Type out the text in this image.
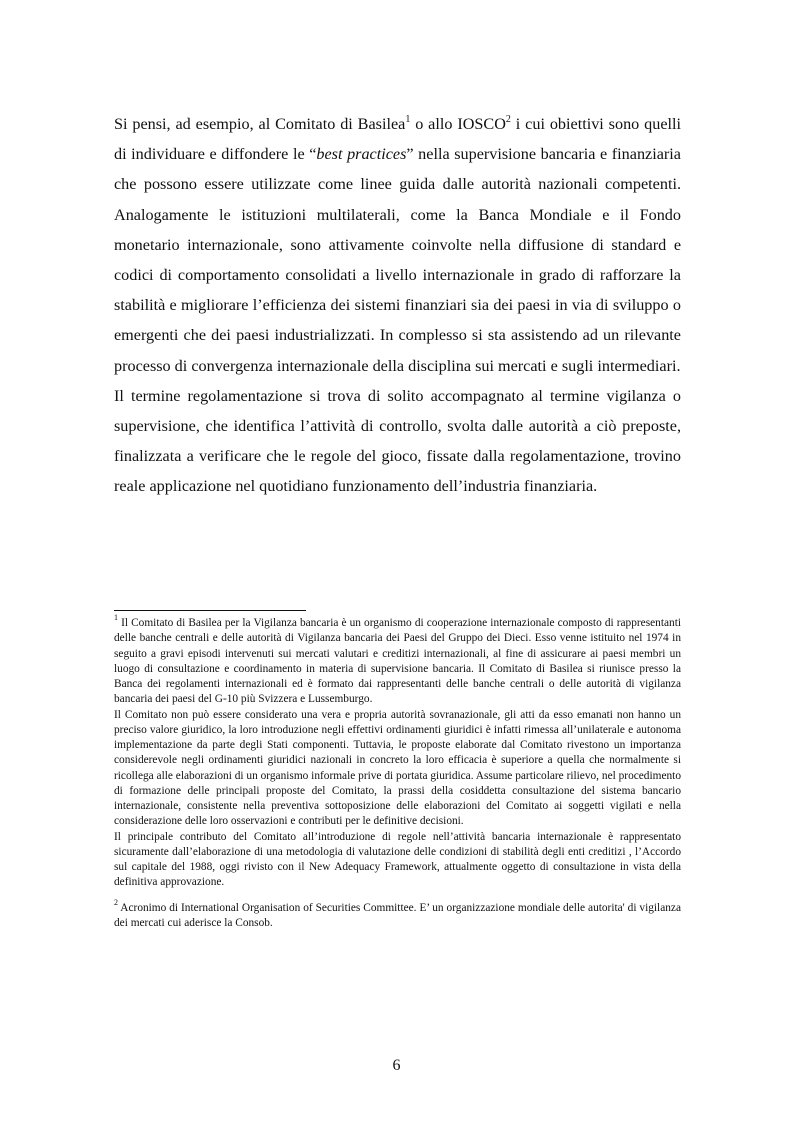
Si pensi, ad esempio, al Comitato di Basilea$^1$ o allo IOSCO$^2$ i cui obiettivi sono quelli di individuare e diffondere le “best practices” nella supervisione bancaria e finanziaria che possono essere utilizzate come linee guida dalle autorità nazionali competenti. Analogamente le istituzioni multilaterali, come la Banca Mondiale e il Fondo monetario internazionale, sono attivamente coinvolte nella diffusione di standard e codici di comportamento consolidati a livello internazionale in grado di rafforzare la stabilità e migliorare l’efficienza dei sistemi finanziari sia dei paesi in via di sviluppo o emergenti che dei paesi industrializzati. In complesso si sta assistendo ad un rilevante processo di convergenza internazionale della disciplina sui mercati e sugli intermediari.

Il termine regolamentazione si trova di solito accompagnato al termine vigilanza o supervisione, che identifica l’attività di controllo, svolta dalle autorità a ciò preposte, finalizzata a verificare che le regole del gioco, fissate dalla regolamentazione, trovino reale applicazione nel quotidiano funzionamento dell’industria finanziaria.

$^1$ Il Comitato di Basilea per la Vigilanza bancaria è un organismo di cooperazione internazionale composto di rappresentanti delle banche centrali e delle autorità di Vigilanza bancaria dei Paesi del Gruppo dei Dieci. Esso venne istituito nel 1974 in seguito a gravi episodi intervenuti sui mercati valutari e creditizi internazionali, al fine di assicurare ai paesi membri un luogo di consultazione e coordinamento in materia di supervisione bancaria. Il Comitato di Basilea si riunisce presso la Banca dei regolamenti internazionali ed è formato dai rappresentanti delle banche centrali o delle autorità di vigilanza bancaria dei paesi del G-10 più Svizzera e Lussemburgo.

Il Comitato non può essere considerato una vera e propria autorità sovranazionale, gli atti da esso emanati non hanno un preciso valore giuridico, la loro introduzione negli effettivi ordinamenti giuridici è infatti rimessa all’unilaterale e autonoma implementazione da parte degli Stati componenti. Tuttavia, le proposte elaborate dal Comitato rivestono un importanza considerevole negli ordinamenti giuridici nazionali in concreto la loro efficacia è superiore a quella che normalmente si ricollega alle elaborazioni di un organismo informale prive di portata giuridica. Assume particolare rilievo, nel procedimento di formazione delle principali proposte del Comitato, la prassi della cosiddetta consultazione del sistema bancario internazionale, consistente nella preventiva sottoposizione delle elaborazioni del Comitato ai soggetti vigilati e nella considerazione delle loro osservazioni e contributi per le definitive decisioni.

Il principale contributo del Comitato all’introduzione di regole nell’attività bancaria internazionale è rappresentato sicuramente dall’elaborazione di una metodologia di valutazione delle condizioni di stabilità degli enti creditizi , l’Accordo sul capitale del 1988, oggi rivisto con il New Adequacy Framework, attualmente oggetto di consultazione in vista della definitiva approvazione.

$^2$ Acronimo di International Organisation of Securities Committee. E’ un organizzazione mondiale delle autorita' di vigilanza dei mercati cui aderisce la Consob.

6
